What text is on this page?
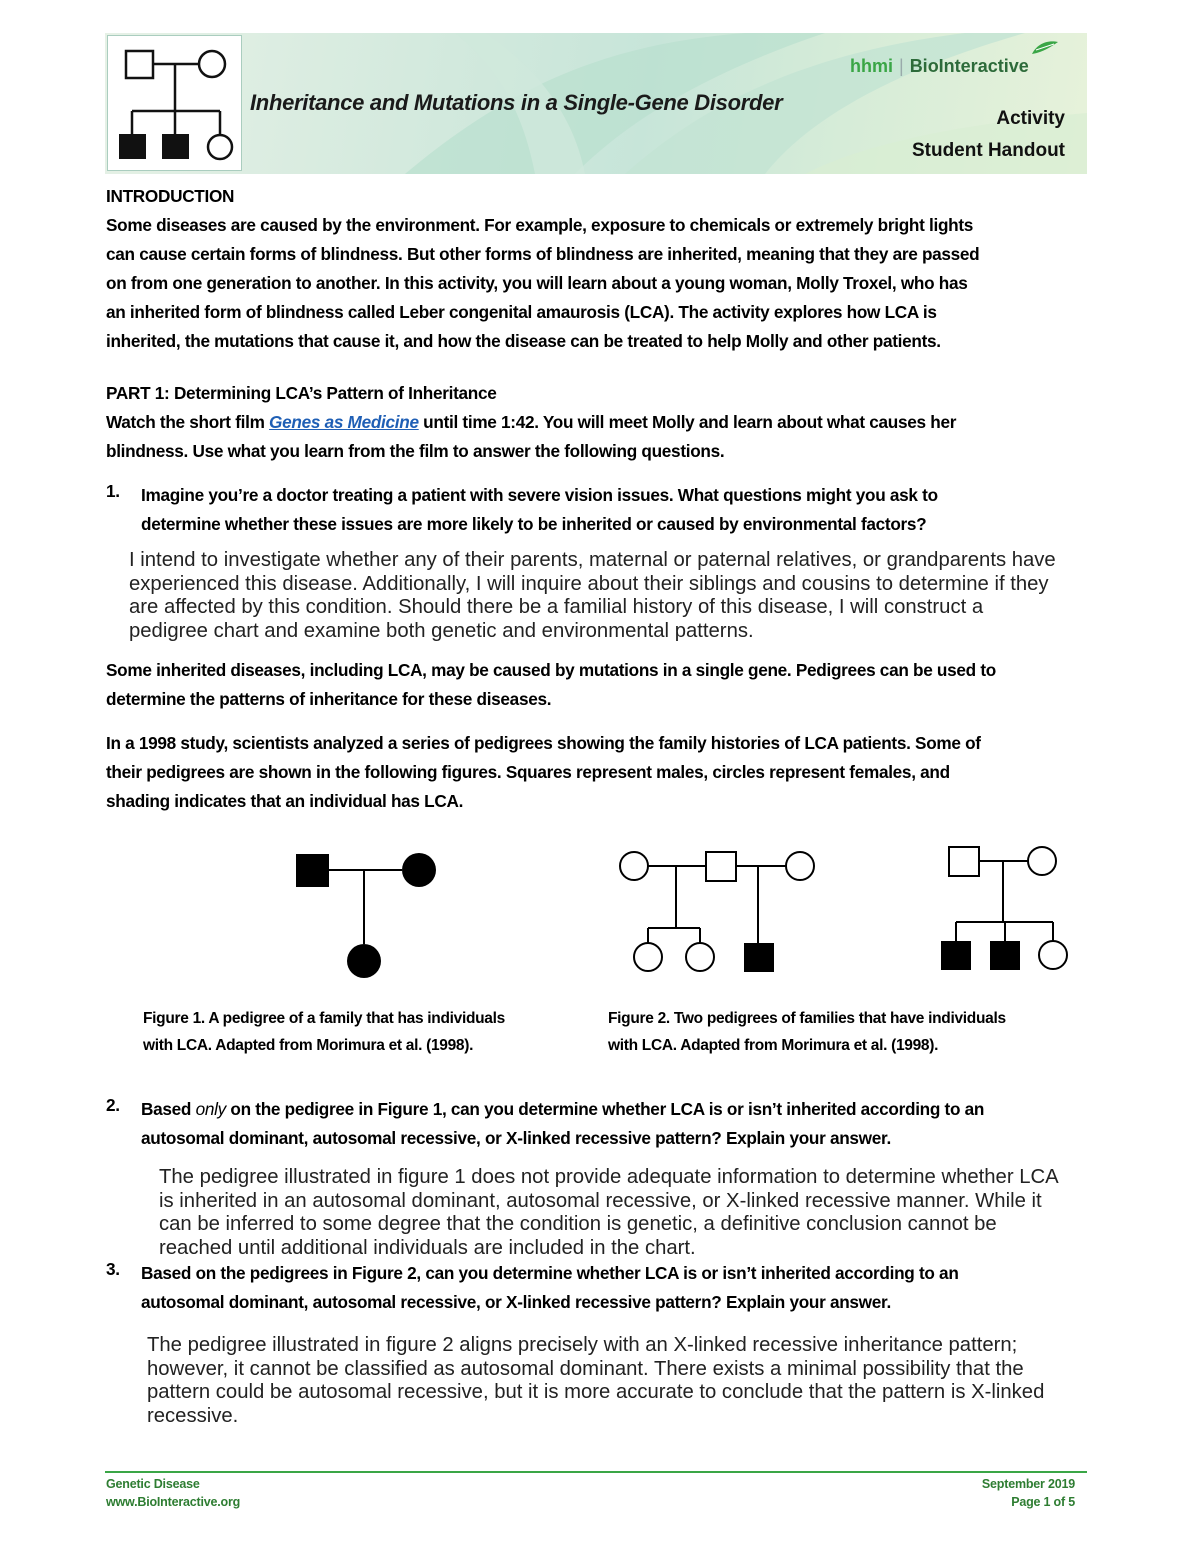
Inheritance and Mutations in a Single-Gene Disorder
hhmi | BioInteractive
Activity
Student Handout
INTRODUCTION
Some diseases are caused by the environment. For example, exposure to chemicals or extremely bright lights
can cause certain forms of blindness. But other forms of blindness are inherited, meaning that they are passed
on from one generation to another. In this activity, you will learn about a young woman, Molly Troxel, who has
an inherited form of blindness called Leber congenital amaurosis (LCA). The activity explores how LCA is
inherited, the mutations that cause it, and how the disease can be treated to help Molly and other patients.
PART 1: Determining LCA’s Pattern of Inheritance
Watch the short film Genes as Medicine until time 1:42. You will meet Molly and learn about what causes her
blindness. Use what you learn from the film to answer the following questions.
1. Imagine you’re a doctor treating a patient with severe vision issues. What questions might you ask to
determine whether these issues are more likely to be inherited or caused by environmental factors?
I intend to investigate whether any of their parents, maternal or paternal relatives, or grandparents have
experienced this disease. Additionally, I will inquire about their siblings and cousins to determine if they
are affected by this condition. Should there be a familial history of this disease, I will construct a
pedigree chart and examine both genetic and environmental patterns.
Some inherited diseases, including LCA, may be caused by mutations in a single gene. Pedigrees can be used to
determine the patterns of inheritance for these diseases.
In a 1998 study, scientists analyzed a series of pedigrees showing the family histories of LCA patients. Some of
their pedigrees are shown in the following figures. Squares represent males, circles represent females, and
shading indicates that an individual has LCA.
Figure 1. A pedigree of a family that has individuals
with LCA. Adapted from Morimura et al. (1998).
Figure 2. Two pedigrees of families that have individuals
with LCA. Adapted from Morimura et al. (1998).
2. Based only on the pedigree in Figure 1, can you determine whether LCA is or isn’t inherited according to an
autosomal dominant, autosomal recessive, or X-linked recessive pattern? Explain your answer.
The pedigree illustrated in figure 1 does not provide adequate information to determine whether LCA
is inherited in an autosomal dominant, autosomal recessive, or X-linked recessive manner. While it
can be inferred to some degree that the condition is genetic, a definitive conclusion cannot be
reached until additional individuals are included in the chart.
3. Based on the pedigrees in Figure 2, can you determine whether LCA is or isn’t inherited according to an
autosomal dominant, autosomal recessive, or X-linked recessive pattern? Explain your answer.
The pedigree illustrated in figure 2 aligns precisely with an X-linked recessive inheritance pattern;
however, it cannot be classified as autosomal dominant. There exists a minimal possibility that the
pattern could be autosomal recessive, but it is more accurate to conclude that the pattern is X-linked
recessive.
Genetic Disease
www.BioInteractive.org
September 2019
Page 1 of 5
